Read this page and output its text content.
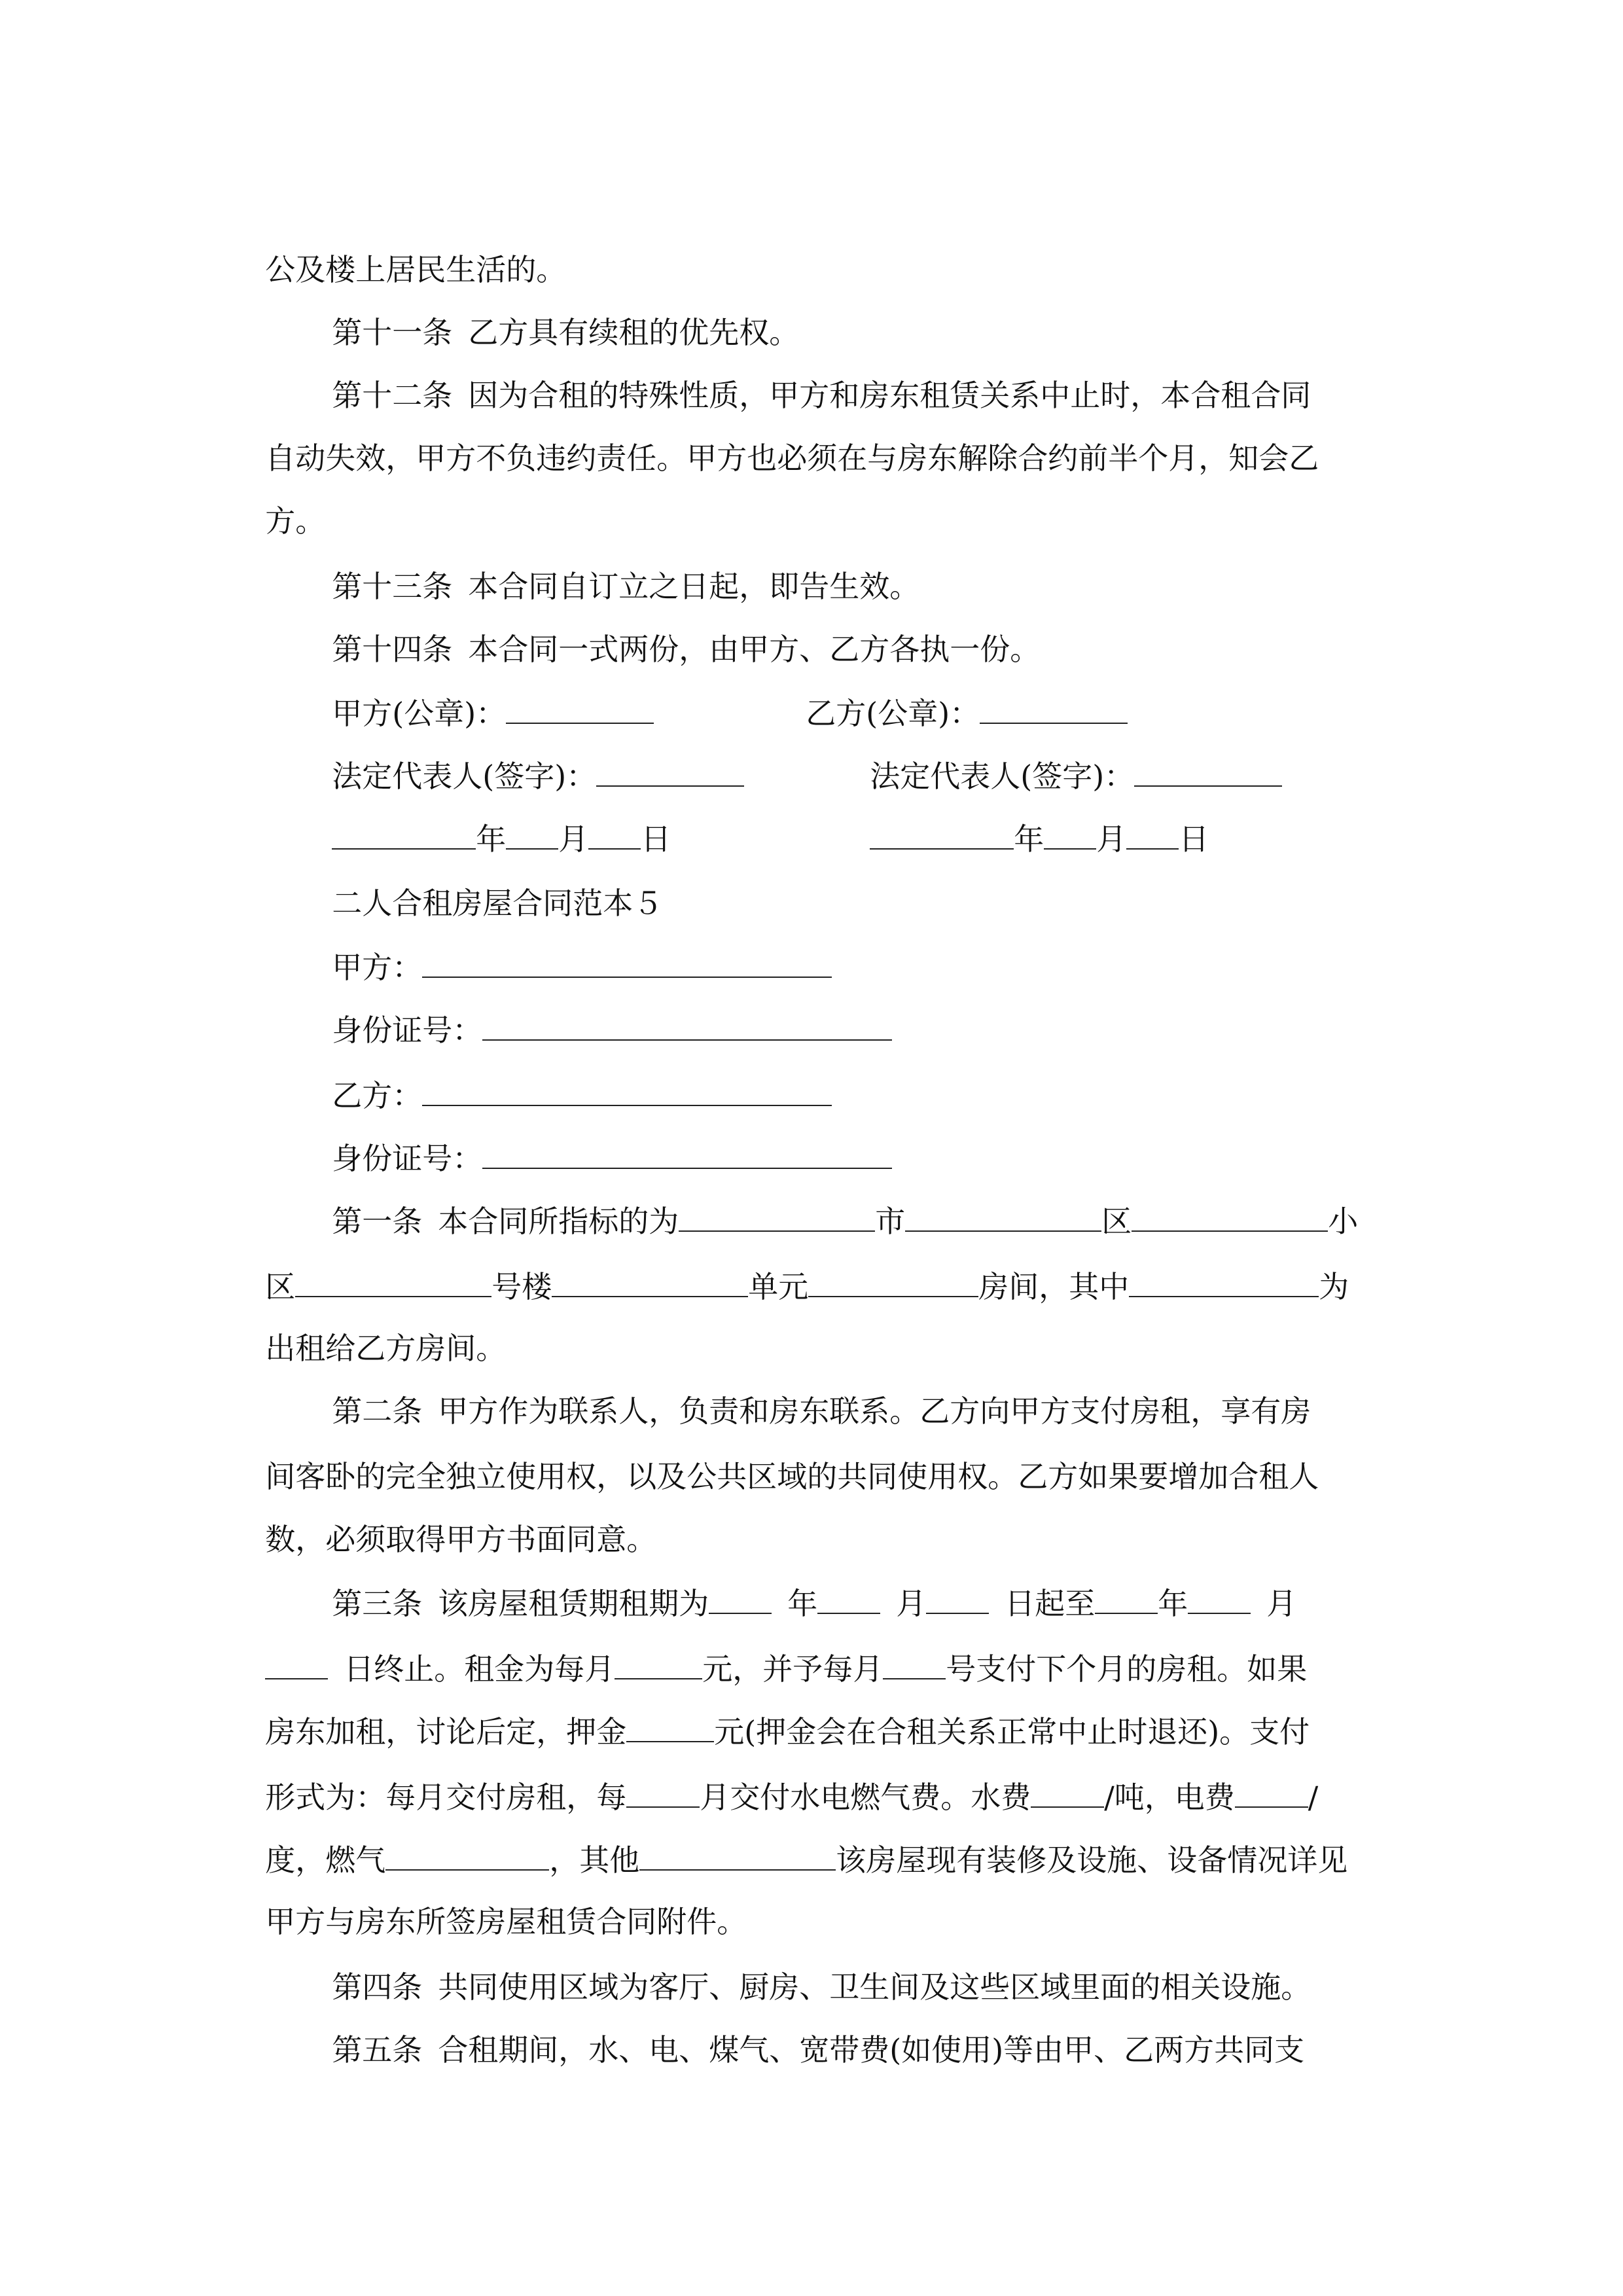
公及楼上居民生活的。

第十一条 乙方具有续租的优先权。

第十二条 因为合租的特殊性质，甲方和房东租赁关系中止时，本合租合同

自动失效，甲方不负违约责任。甲方也必须在与房东解除合约前半个月，知会乙

方。

第十三条 本合同自订立之日起，即告生效。

第十四条 本合同一式两份，由甲方、乙方各执一份。

甲方(公章)：	乙方(公章)：

法定代表人(签字)：	法定代表人(签字)：

年 月 日	年 月 日

二人合租房屋合同范本５

甲方：

身份证号：

乙方：

身份证号：

第一条 本合同所指标的为	市	区	小

区	号楼	单元	房间，其中	为

出租给乙方房间。

第二条 甲方作为联系人，负责和房东联系。乙方向甲方支付房租，享有房

间客卧的完全独立使用权，以及公共区域的共同使用权。乙方如果要增加合租人

数，必须取得甲方书面同意。

第三条 该房屋租赁期租期为	年	月	日起至 年	月

日终止。租金为每月	元，并予每月 号支付下个月的房租。如果

房东加租，讨论后定，押金	元(押金会在合租关系正常中止时退还)。支付

形式为：每月交付房租，每 月交付水电燃气费。水费 /吨，电费 /

度，燃气	，其他	该房屋现有装修及设施、设备情况详见

甲方与房东所签房屋租赁合同附件。

第四条 共同使用区域为客厅、厨房、卫生间及这些区域里面的相关设施。

第五条 合租期间，水、电、煤气、宽带费(如使用)等由甲、乙两方共同支
